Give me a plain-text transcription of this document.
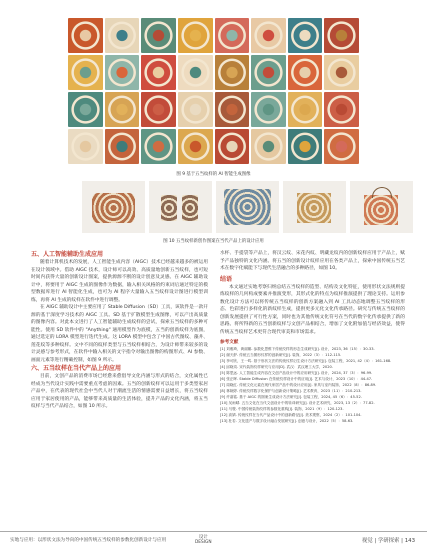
图 9 基于五当纹样的 AI 智能生成图像
图 10 五当纹样新创作图案在当代产品上的设计应用
五、人工智能辅助生成应用
随着计算机技术的发展，人工智能生成内容（AIGC）技术已经越来越多的被运用在设计领域中。借助 AIGC 技术，设计师可以高效、高质量地创新五当纹样，也可短时间内获得大量的创新设计图案，提供源源不断的设计创意及灵感。在 AIGC 辅助设计中，将要用于 AIGC 生成的图像作为数据，输入相关风格的约束词后通过特定的模型数据库进行 AI 智能化生成，也可为 AI 程序大量输入五当纹样设计图进行模型训练，再将 AI 生成的纹样在软件中进行调整。
在 AIGC 辅助设计中主要应用了 Stable Diffusion（SD）工具，该软件是一款开源的基于深度学习技术的 AIGC 工具。SD 基于扩散模型生成图像，可以产出高质量的图像内容。对此本文进行了人工智能辅助生成纹样的尝试，探索五当纹样的多种可能性。使用 SD 软件中的 "Anything" 通用模型作为底模，五当的创新纹样为底图，通过选定的 LORA 模型进行迭代生成。这 LORA 模型中包含了中国古代图纹、藻井、莲花纹等多种纹样。文中不同的纹样类型与五当纹样相结合，为设计师带来较多的设计灵感与参考形式，在软件中输入相关的文字指令对输出图像的构图形式、AI 参数、画面元素等进行精确控制，如图 9 所示。
六、五当纹样在当代产品上的应用
目前，文创产品的消费市场已经愈来愈倡导文化内涵与形式的结合，文化属性已经成为当代设计实践中需要重点考虑的因素。五当的创新纹样可以运用于多类型家居产品中，在代表的现代社会中当代人对于潮流生活的情感需要日益增长，将五当纹样应用于家居使用的产品，能够带来高质量的生活体验，提升产品的文化内涵，将五当纹样与当代产品结合，如图 10 所示。
水杯、手提袋等产品上，将汉云纹、宋花内纹、明藏龙纹内的创新纹样应用于产品上，赋予产品独特的文化内涵。将五当的创新设计纹样应用在各类产品上，探索中国传统五当艺术在数字化赋能下与现代生活融合的多种路径，如图 10。
结语
本文通过实地考察归纳总结五当纹样的造型、结构及文化特征，使用形状文法规则提炼纹样的几何构成要素并推演变形，其形式化的特点为纹样推演提供了理论支持。运用参数化设计方法可以将传统五当纹样的创新方案融入到 AI 工具动态地调整五当纹样的形态、色彩进行多样化的新纹样生成，提供更多元化文化传承路径。研究与传统五当纹样的创新发展提供了可行性方案，同时也为其他传统文化符号在当代的数字化传承提供了新的思路。将所得新的五当创新纹样与文创产品相结合，增加了文化附加值与经济效益，使得传统五当纹样艺术更符合现代审美和市场需求。
参考文献
[1] 刘雅琦，黄丽娜. 参数化思维下传统纹样的形态生成研究[J]. 设计，2023, 36（15）：30-33.
[2] 谢天舒. 传统五当图形纹样的创新研究[J]. 装饰，2022（3）：112-115.
[3] 李可欣，王一鸣. 基于形状文法的传统纹样衍生设计方法研究[J]. 包装工程，2021, 42（4）：161-168.
[4] 邱晓岚. 宋代装饰纹样研究与应用[D]. 武汉：武汉理工大学，2020.
[5] 陈思远. 人工智能生成内容在文创产品设计中的应用研究[J]. 设计，2024, 37（3）：96-99.
[6] 张正晖. Stable Diffusion 在传统纹样设计中的应用[J]. 艺术与设计，2023（10）：44-47.
[7] 周晓红. 传统文化元素在现代家居产品中的设计应用[J]. 家具与室内装饰，2022（8）：86-89.
[8] 林婉婷. 传统纹样数字化保护与创新设计策略[J]. 艺术教育，2023（11）：210-213.
[9] 许嘉铭. 基于 AIGC 的图案生成设计方法研究[J]. 包装工程，2024, 45（6）：45-52.
[10] 吴雨晴. 五当文化在当代文创设计中的转译研究[J]. 设计艺术研究，2023, 13（2）：77-82.
[11] 马骏. 中国传统装饰纹样的参数化重构[J]. 装饰，2021（9）：120-123.
[12] 高婧. 传统纹样在当代产品设计中的创新路径[J]. 美术观察，2024（2）：101-104.
[13] 杜若. 文化遗产与数字设计融合发展研究[J]. 创意与设计，2022（5）：58-63.
实地与应用：以形状文法为导向的中国传统五当纹样的参数化创新设计与应用
设计
DESIGN	视觉 | 学研探索 | 143
